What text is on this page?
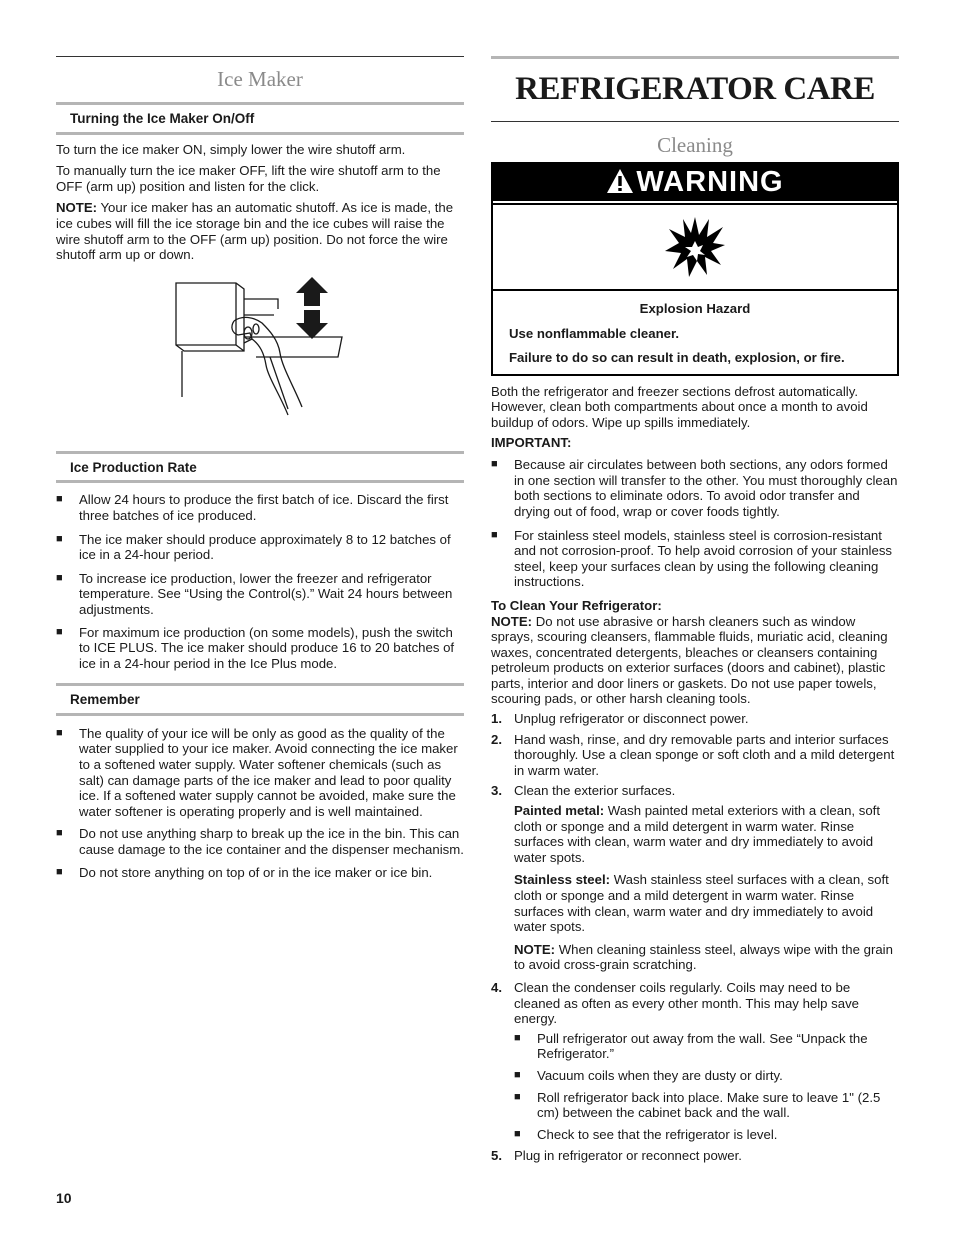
Ice Maker
Turning the Ice Maker On/Off

To turn the ice maker ON, simply lower the wire shutoff arm.

To manually turn the ice maker OFF, lift the wire shutoff arm to the OFF (arm up) position and listen for the click.

NOTE: Your ice maker has an automatic shutoff. As ice is made, the ice cubes will fill the ice storage bin and the ice cubes will raise the wire shutoff arm to the OFF (arm up) position. Do not force the wire shutoff arm up or down.

Ice Production Rate

■ Allow 24 hours to produce the first batch of ice. Discard the first three batches of ice produced.

■ The ice maker should produce approximately 8 to 12 batches of ice in a 24-hour period.

■ To increase ice production, lower the freezer and refrigerator temperature. See “Using the Control(s).” Wait 24 hours between adjustments.

■ For maximum ice production (on some models), push the switch to ICE PLUS. The ice maker should produce 16 to 20 batches of ice in a 24-hour period in the Ice Plus mode.

Remember

■ The quality of your ice will be only as good as the quality of the water supplied to your ice maker. Avoid connecting the ice maker to a softened water supply. Water softener chemicals (such as salt) can damage parts of the ice maker and lead to poor quality ice. If a softened water supply cannot be avoided, make sure the water softener is operating properly and is well maintained.

■ Do not use anything sharp to break up the ice in the bin. This can cause damage to the ice container and the dispenser mechanism.

■ Do not store anything on top of or in the ice maker or ice bin.

REFRIGERATOR CARE
Cleaning
WARNING
Explosion Hazard
Use nonflammable cleaner.
Failure to do so can result in death, explosion, or fire.

Both the refrigerator and freezer sections defrost automatically. However, clean both compartments about once a month to avoid buildup of odors. Wipe up spills immediately.

IMPORTANT:

■ Because air circulates between both sections, any odors formed in one section will transfer to the other. You must thoroughly clean both sections to eliminate odors. To avoid odor transfer and drying out of food, wrap or cover foods tightly.

■ For stainless steel models, stainless steel is corrosion-resistant and not corrosion-proof. To help avoid corrosion of your stainless steel, keep your surfaces clean by using the following cleaning instructions.

To Clean Your Refrigerator:

NOTE: Do not use abrasive or harsh cleaners such as window sprays, scouring cleansers, flammable fluids, muriatic acid, cleaning waxes, concentrated detergents, bleaches or cleansers containing petroleum products on exterior surfaces (doors and cabinet), plastic parts, interior and door liners or gaskets. Do not use paper towels, scouring pads, or other harsh cleaning tools.

1. Unplug refrigerator or disconnect power.
2. Hand wash, rinse, and dry removable parts and interior surfaces thoroughly. Use a clean sponge or soft cloth and a mild detergent in warm water.
3. Clean the exterior surfaces.

Painted metal: Wash painted metal exteriors with a clean, soft cloth or sponge and a mild detergent in warm water. Rinse surfaces with clean, warm water and dry immediately to avoid water spots.

Stainless steel: Wash stainless steel surfaces with a clean, soft cloth or sponge and a mild detergent in warm water. Rinse surfaces with clean, warm water and dry immediately to avoid water spots.

NOTE: When cleaning stainless steel, always wipe with the grain to avoid cross-grain scratching.

4. Clean the condenser coils regularly. Coils may need to be cleaned as often as every other month. This may help save energy.

■ Pull refrigerator out away from the wall. See “Unpack the Refrigerator.”

■ Vacuum coils when they are dusty or dirty.

■ Roll refrigerator back into place. Make sure to leave 1" (2.5 cm) between the cabinet back and the wall.

■ Check to see that the refrigerator is level.

5. Plug in refrigerator or reconnect power.
10
